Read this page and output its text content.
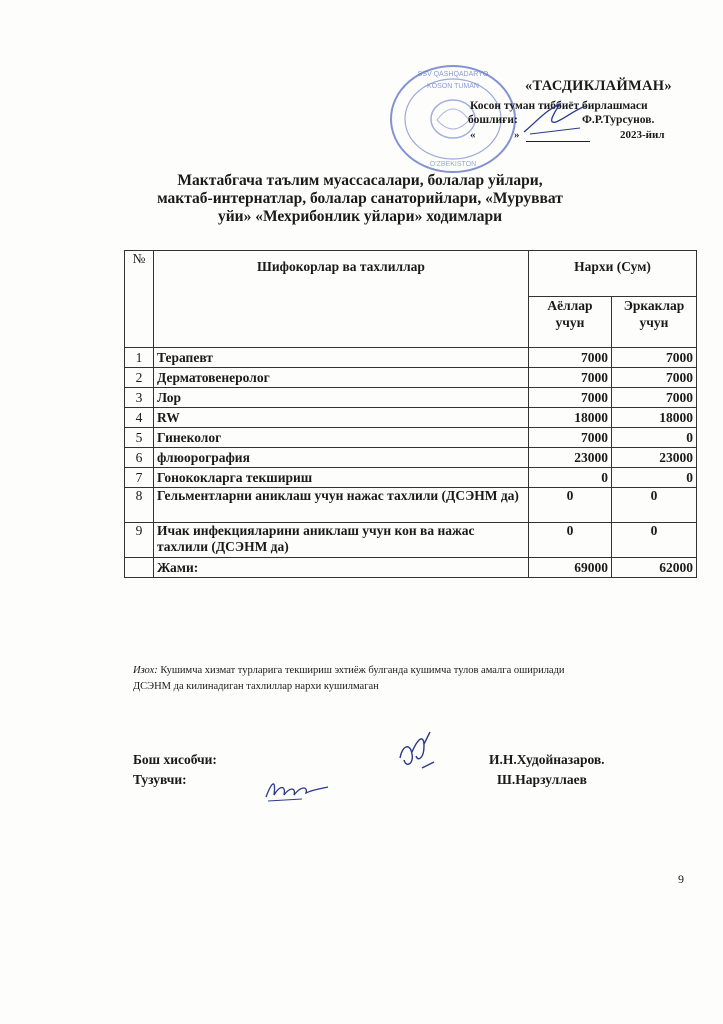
SSV QASHQADARYO
KOSON TUMAN
O'ZBEKISTON
«ТАСДИКЛАЙМАН»
Косон туман тиббиёт бирлашмаси
бошлиғи:	Ф.Р.Турсунов.
«	»	2023-йил
Мактабгача таълим муассасалари, болалар уйлари, мактаб-интернатлар, болалар санаторийлари, «Мурувват уйи» «Мехрибонлик уйлари» ходимлари
№	Шифокорлар ва тахлиллар	Нархи (Сум)	
		Аёллар учун	Эркаклар учун
1	Терапевт	7000	7000
2	Дерматовенеролог	7000	7000
3	Лор	7000	7000
4	RW	18000	18000
5	Гинеколог	7000	0
6	флюорография	23000	23000
7	Гонококларга текшириш	0	0
8	Гельментларни аниклаш учун нажас тахлили (ДСЭНМ да)	0	0
9	Ичак инфекцияларини аниклаш учун кон ва нажас тахлили (ДСЭНМ да)	0	0
	Жами:	69000	62000
Изох: Кушимча хизмат турларига текшириш эхтиёж булганда кушимча тулов амалга оширилади
ДСЭНМ да килинадиган тахлиллар нархи кушилмаган
Бош хисобчи:
Тузувчи:
И.Н.Худойназаров.
Ш.Нарзуллаев
9
